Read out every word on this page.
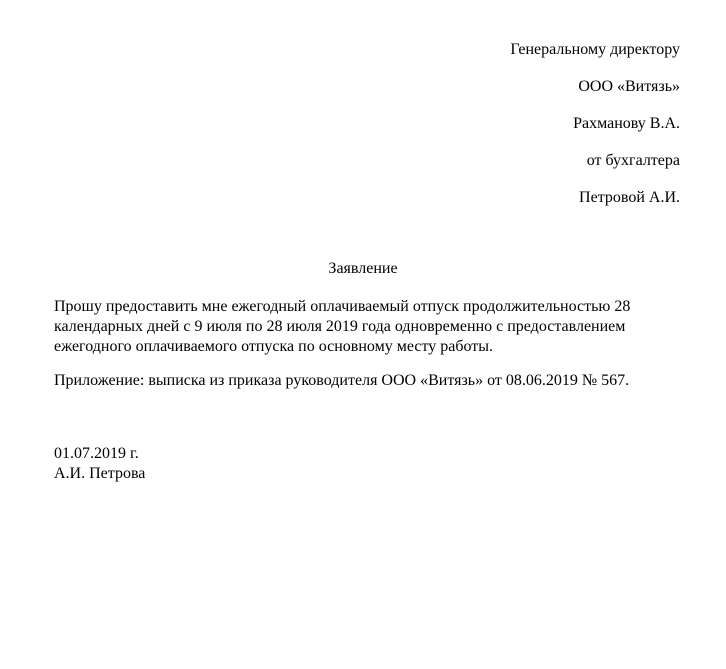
Генеральному директору
ООО «Витязь»
Рахманову В.А.
от бухгалтера
Петровой А.И.
Заявление
Прошу предоставить мне ежегодный оплачиваемый отпуск продолжительностью 28 календарных дней с 9 июля по 28 июля 2019 года одновременно с предоставлением ежегодного оплачиваемого отпуска по основному месту работы.
Приложение: выписка из приказа руководителя ООО «Витязь» от 08.06.2019 № 567.
01.07.2019 г.
А.И. Петрова
